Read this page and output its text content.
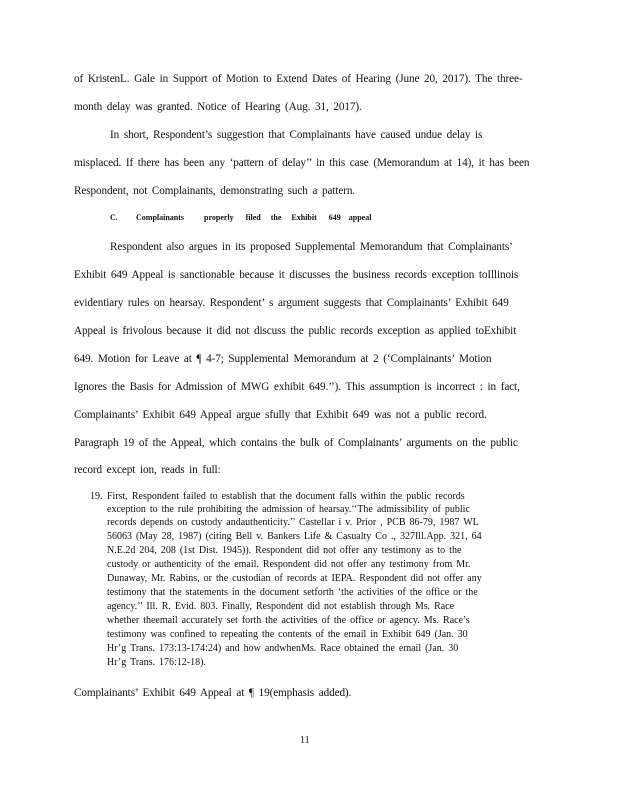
of KristenL. Gale in Support of Motion to Extend Dates of Hearing (June 20, 2017). The three-
month delay was granted. Notice of Hearing (Aug. 31, 2017).
In short, Respondent’s suggestion that Complainants have caused undue delay is
misplaced. If there has been any ‘pattern of delay’’ in this case (Memorandum at 14), it has been
Respondent, not Complainants, demonstrating such a pattern.
C. Complainants          properly      filed     the     Exhibit      649    appeal
Respondent also argues in its proposed Supplemental Memorandum that Complainants’
Exhibit 649 Appeal is sanctionable because it discusses the business records exception toIllinois
evidentiary rules on hearsay. Respondent’ s argument suggests that Complainants’ Exhibit 649
Appeal is frivolous because it did not discuss the public records exception as applied toExhibit
649. Motion for Leave at ¶ 4-7; Supplemental Memorandum at 2 (‘Complainants’ Motion
Ignores the Basis for Admission of MWG exhibit 649.’’). This assumption is incorrect : in fact,
Complainants’ Exhibit 649 Appeal argue sfully that Exhibit 649 was not a public record.
Paragraph 19 of the Appeal, which contains the bulk of Complainants’ arguments on the public
record except ion, reads in full:
19. First, Respondent failed to establish that the document falls within the public records
exception to the rule prohibiting the admission of hearsay.‘‘The admissibility of public
records depends on custody andauthenticity.’’ Castellar i v. Prior , PCB 86-79, 1987 WL
56063 (May 28, 1987) (citing Bell v. Bankers Life & Casualty Co ., 327Ill.App. 321, 64
N.E.2d 204, 208 (1st Dist. 1945)). Respondent did not offer any testimony as to the
custody or authenticity of the email. Respondent did not offer any testimony from Mr.
Dunaway, Mr. Rabins, or the custodian of records at IEPA. Respondent did not offer any
testimony that the statements in the document setforth ‘the activities of the office or the
agency.’’ Ill. R. Evid. 803. Finally, Respondent did not establish through Ms. Race
whether theemail accurately set forth the activities of the office or agency. Ms. Race’s
testimony was confined to repeating the contents of the email in Exhibit 649 (Jan. 30
Hr’g Trans. 173:13-174:24) and how andwhenMs. Race obtained the email (Jan. 30
Hr’g Trans. 176:12-18).
Complainants’ Exhibit 649 Appeal at ¶ 19(emphasis added).
11
